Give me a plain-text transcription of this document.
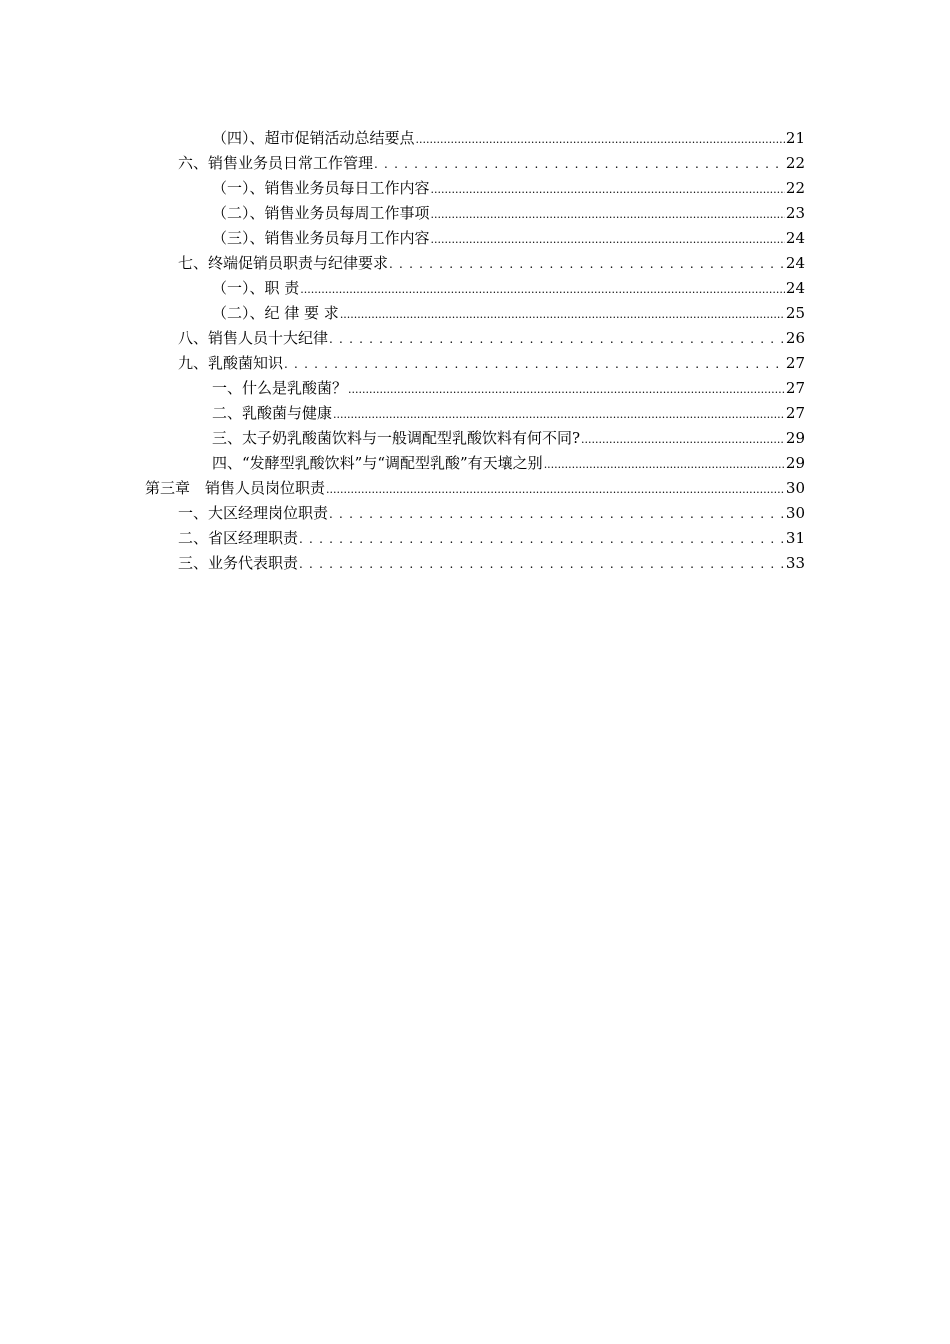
（四）、超市促销活动总结要点 .....	21
六、销售业务员日常工作管理 . . .	22
（一）、销售业务员每日工作内容 .....	22
（二）、销售业务员每周工作事项 .....	23
（三）、销售业务员每月工作内容 .....	24
七、终端促销员职责与纪律要求 . . .	24
（一）、职 责 .....	24
（二）、纪 律 要 求 .....	25
八、销售人员十大纪律 . . .	26
九、乳酸菌知识 . . .	27
一、什么是乳酸菌？ .....	27
二、乳酸菌与健康 .....	27
三、太子奶乳酸菌饮料与一般调配型乳酸饮料有何不同? .....	29
四、“发酵型乳酸饮料”与“调配型乳酸”有天壤之别 .....	29
第三章　销售人员岗位职责 .....	30
一、大区经理岗位职责 . . .	30
二、省区经理职责 . . .	31
三、业务代表职责 . . .	33
